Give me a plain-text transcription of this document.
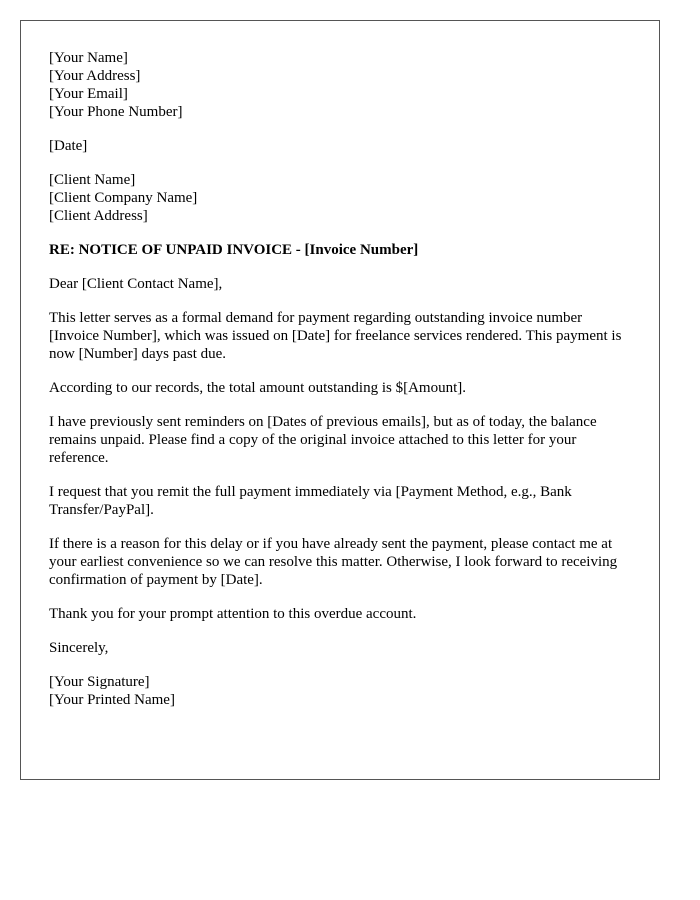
[Your Name]
[Your Address]
[Your Email]
[Your Phone Number]
[Date]
[Client Name]
[Client Company Name]
[Client Address]

RE: NOTICE OF UNPAID INVOICE - [Invoice Number]

Dear [Client Contact Name],

This letter serves as a formal demand for payment regarding outstanding invoice number [Invoice Number], which was issued on [Date] for freelance services rendered. This payment is now [Number] days past due.

According to our records, the total amount outstanding is $[Amount].

I have previously sent reminders on [Dates of previous emails], but as of today, the balance remains unpaid. Please find a copy of the original invoice attached to this letter for your reference.

I request that you remit the full payment immediately via [Payment Method, e.g., Bank Transfer/PayPal].

If there is a reason for this delay or if you have already sent the payment, please contact me at your earliest convenience so we can resolve this matter. Otherwise, I look forward to receiving confirmation of payment by [Date].

Thank you for your prompt attention to this overdue account.

Sincerely,

[Your Signature]
[Your Printed Name]
